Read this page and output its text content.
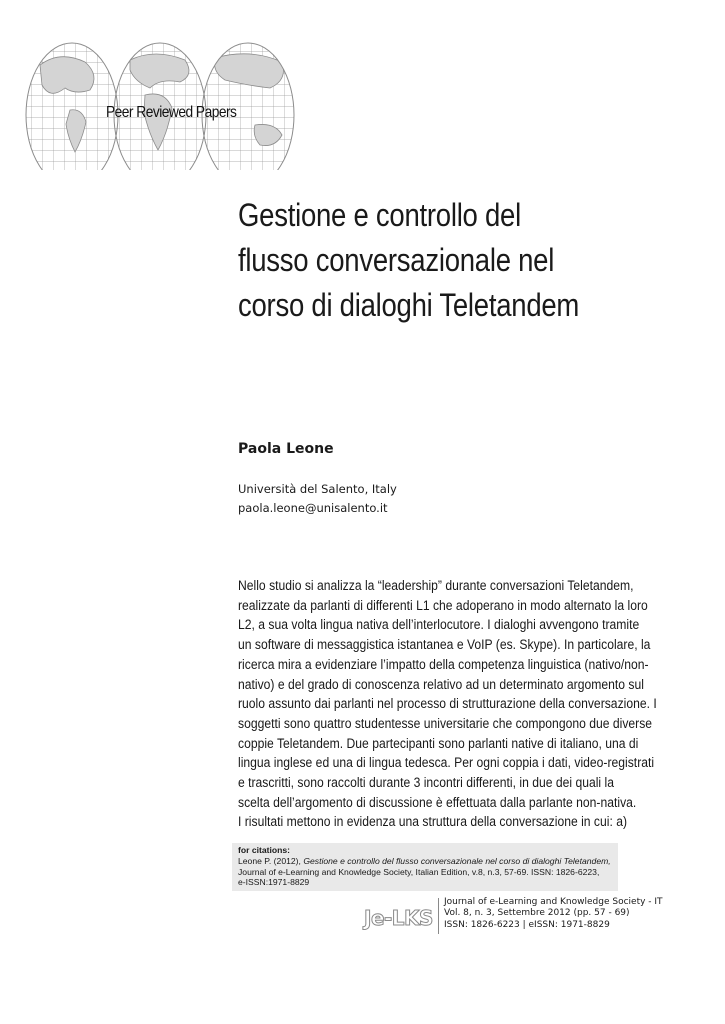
Peer Reviewed Papers
Gestione e controllo del
flusso conversazionale nel
corso di dialoghi Teletandem
Paola Leone
Università del Salento, Italy
paola.leone@unisalento.it
Nello studio si analizza la “leadership” durante conversazioni Teletandem,
realizzate da parlanti di differenti L1 che adoperano in modo alternato la loro
L2, a sua volta lingua nativa dell’interlocutore. I dialoghi avvengono tramite
un software di messaggistica istantanea e VoIP (es. Skype). In particolare, la
ricerca mira a evidenziare l’impatto della competenza linguistica (nativo/non-
nativo) e del grado di conoscenza relativo ad un determinato argomento sul
ruolo assunto dai parlanti nel processo di strutturazione della conversazione. I
soggetti sono quattro studentesse universitarie che compongono due diverse
coppie Teletandem. Due partecipanti sono parlanti native di italiano, una di
lingua inglese ed una di lingua tedesca. Per ogni coppia i dati, video-registrati
e trascritti, sono raccolti durante 3 incontri differenti, in due dei quali la
scelta dell’argomento di discussione è effettuata dalla parlante non-nativa.
I risultati mettono in evidenza una struttura della conversazione in cui: a)
for citations:
Leone P. (2012), Gestione e controllo del flusso conversazionale nel corso di dialoghi Teletandem,
Journal of e-Learning and Knowledge Society, Italian Edition, v.8, n.3, 57-69. ISSN: 1826-6223,
e-ISSN:1971-8829
Je-LKS
Journal of e-Learning and Knowledge Society - IT
Vol. 8, n. 3, Settembre 2012 (pp. 57 - 69)
ISSN: 1826-6223 | eISSN: 1971-8829
